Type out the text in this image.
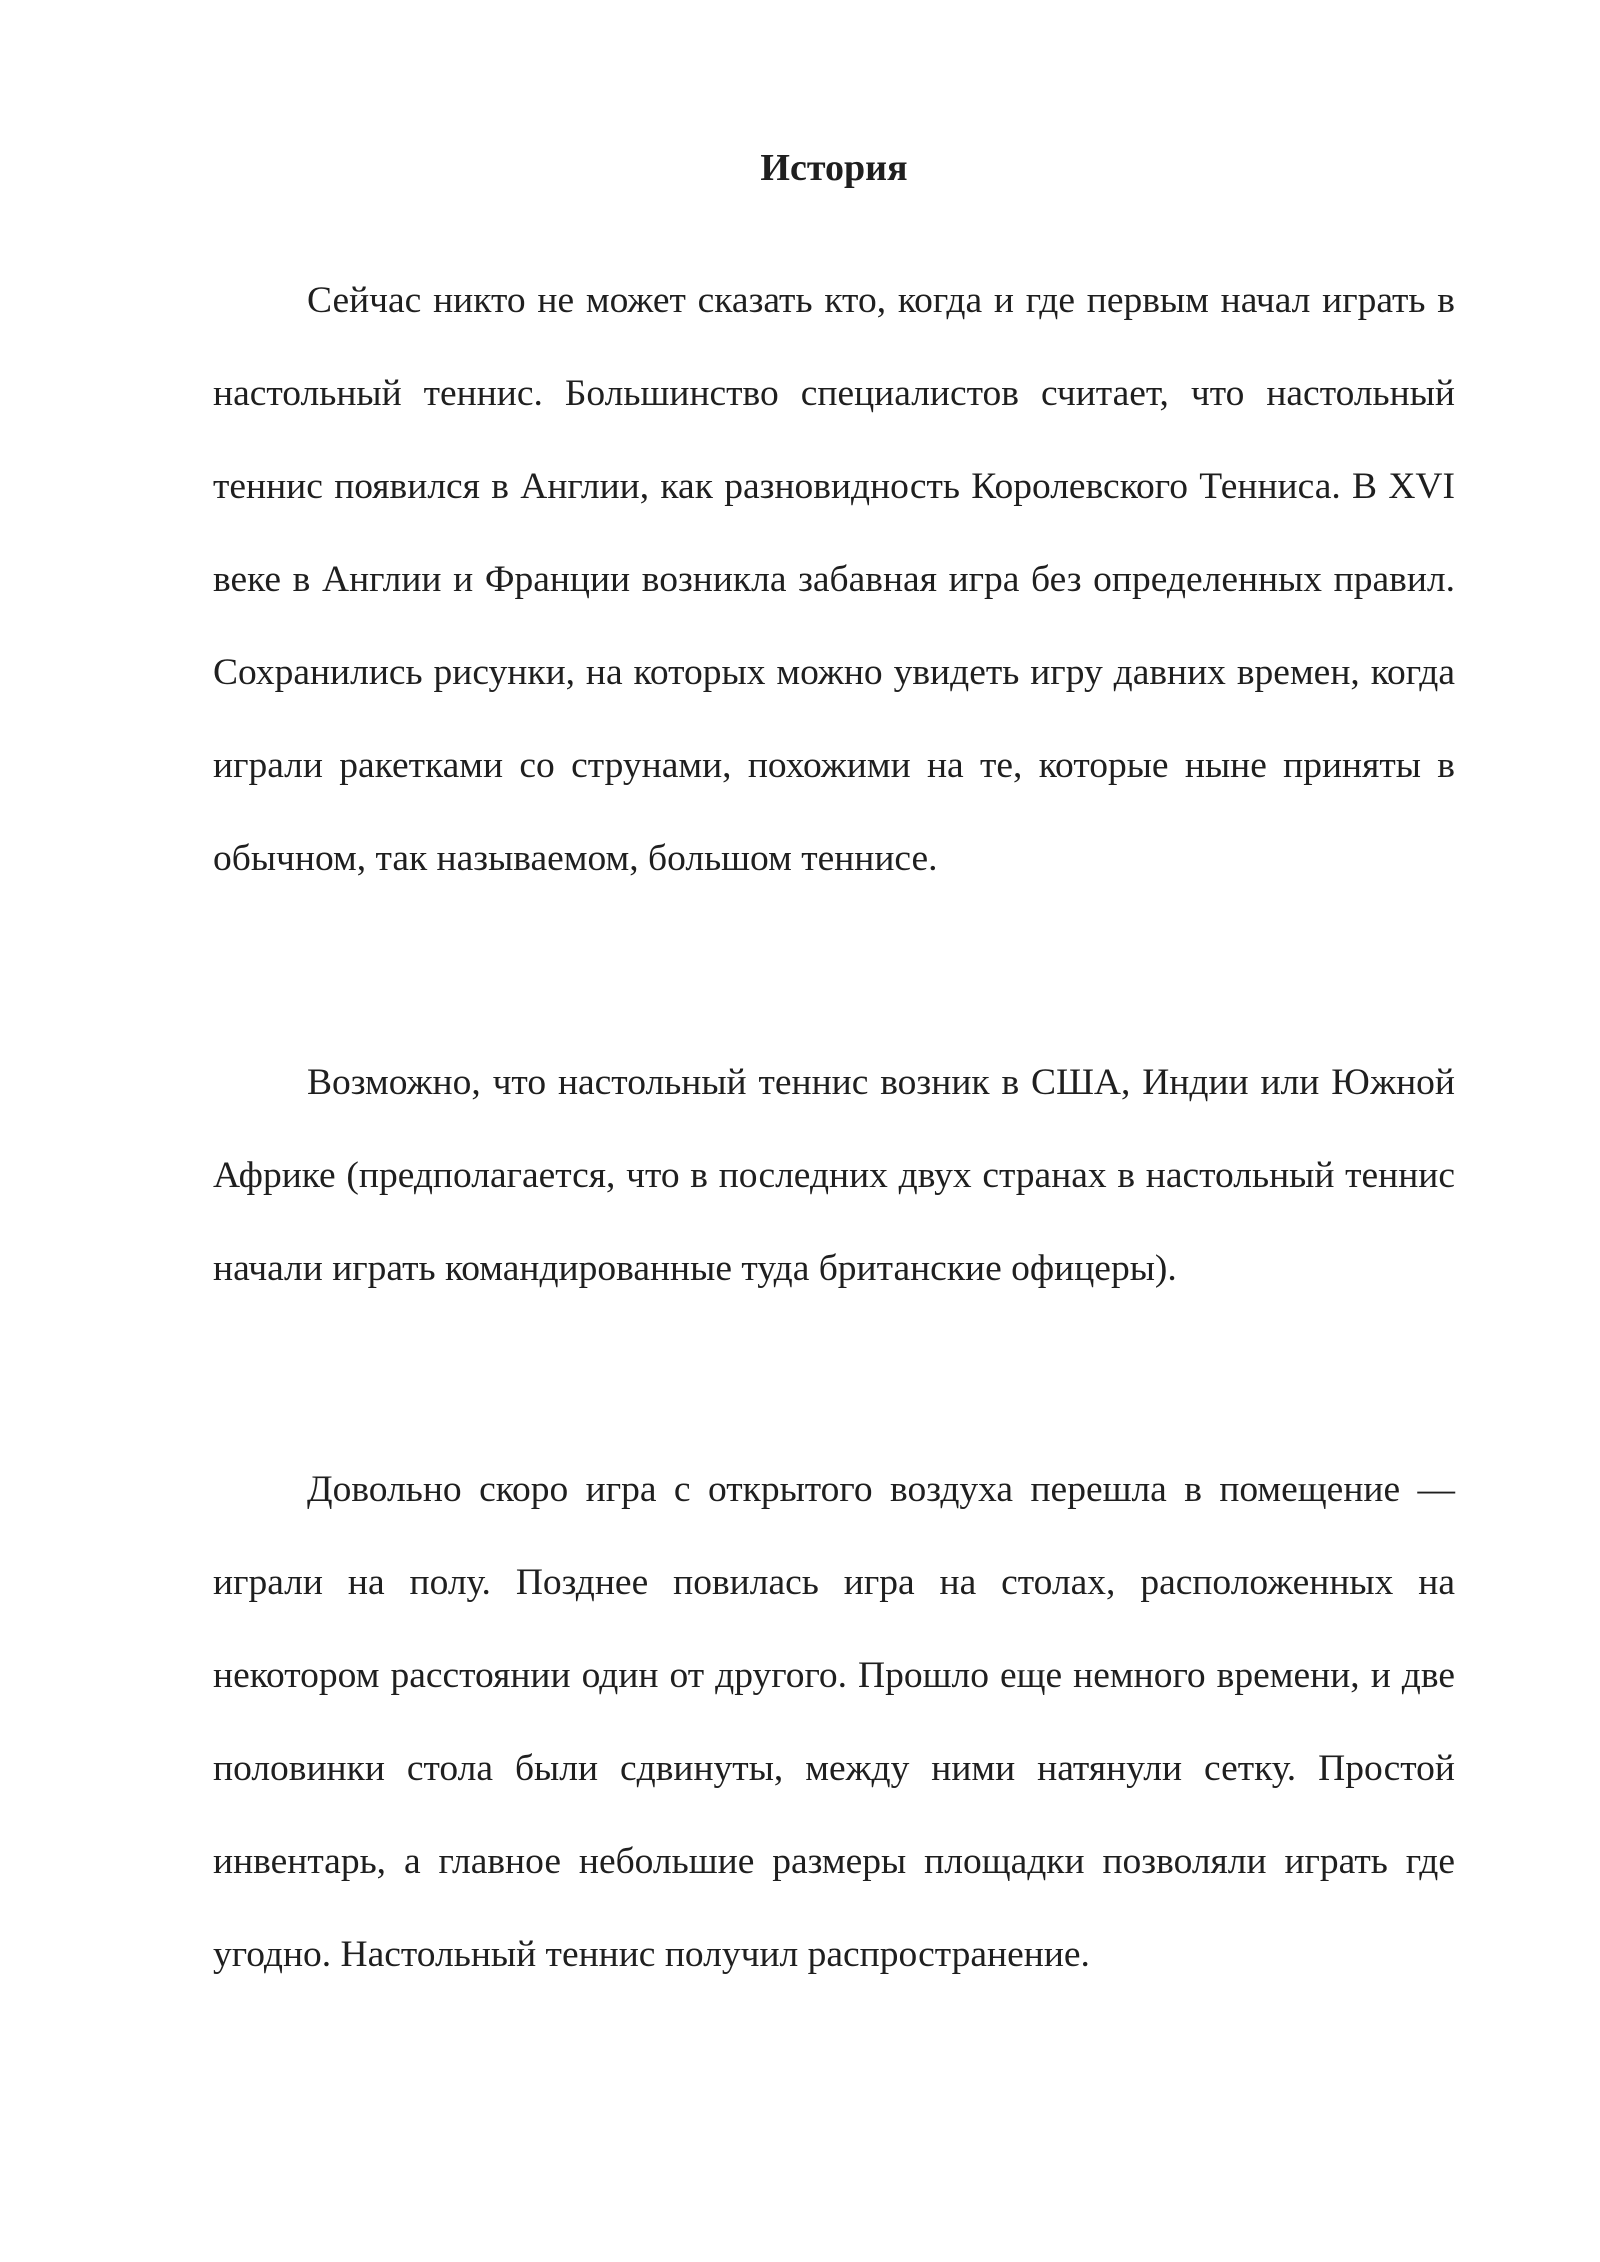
История

Сейчас никто не может сказать кто, когда и где первым начал играть в настольный теннис. Большинство специалистов считает, что настольный теннис появился в Англии, как разновидность Королевского Тенниса. В XVI веке в Англии и Франции возникла забавная игра без определенных правил. Сохранились рисунки, на которых можно увидеть игру давних времен, когда играли ракетками со струнами, похожими на те, которые ныне приняты в обычном, так называемом, большом теннисе.

Возможно, что настольный теннис возник в США, Индии или Южной Африке (предполагается, что в последних двух странах в настольный теннис начали играть командированные туда британские офицеры).

Довольно скоро игра с открытого воздуха перешла в помещение — играли на полу. Позднее повилась игра на столах, расположенных на некотором расстоянии один от другого. Прошло еще немного времени, и две половинки стола были сдвинуты, между ними натянули сетку. Простой инвентарь, а главное небольшие размеры площадки позволяли играть где угодно. Настольный теннис получил распространение.
